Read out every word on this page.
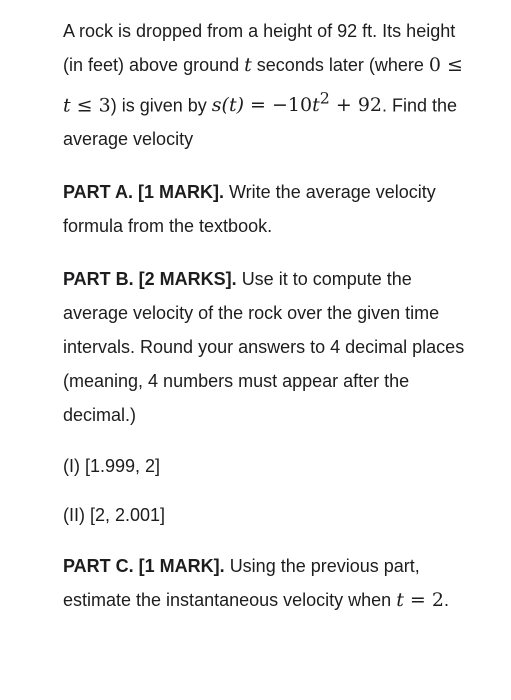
A rock is dropped from a height of 92 ft. Its height (in feet) above ground t seconds later (where 0 ≤ t ≤ 3) is given by $s(t) = -10t^2 + 92$. Find the average velocity

PART A. [1 MARK]. Write the average velocity formula from the textbook.

PART B. [2 MARKS]. Use it to compute the average velocity of the rock over the given time intervals. Round your answers to 4 decimal places (meaning, 4 numbers must appear after the decimal.)

(I) [1.999, 2]

(II) [2, 2.001]

PART C. [1 MARK]. Using the previous part, estimate the instantaneous velocity when t = 2.
